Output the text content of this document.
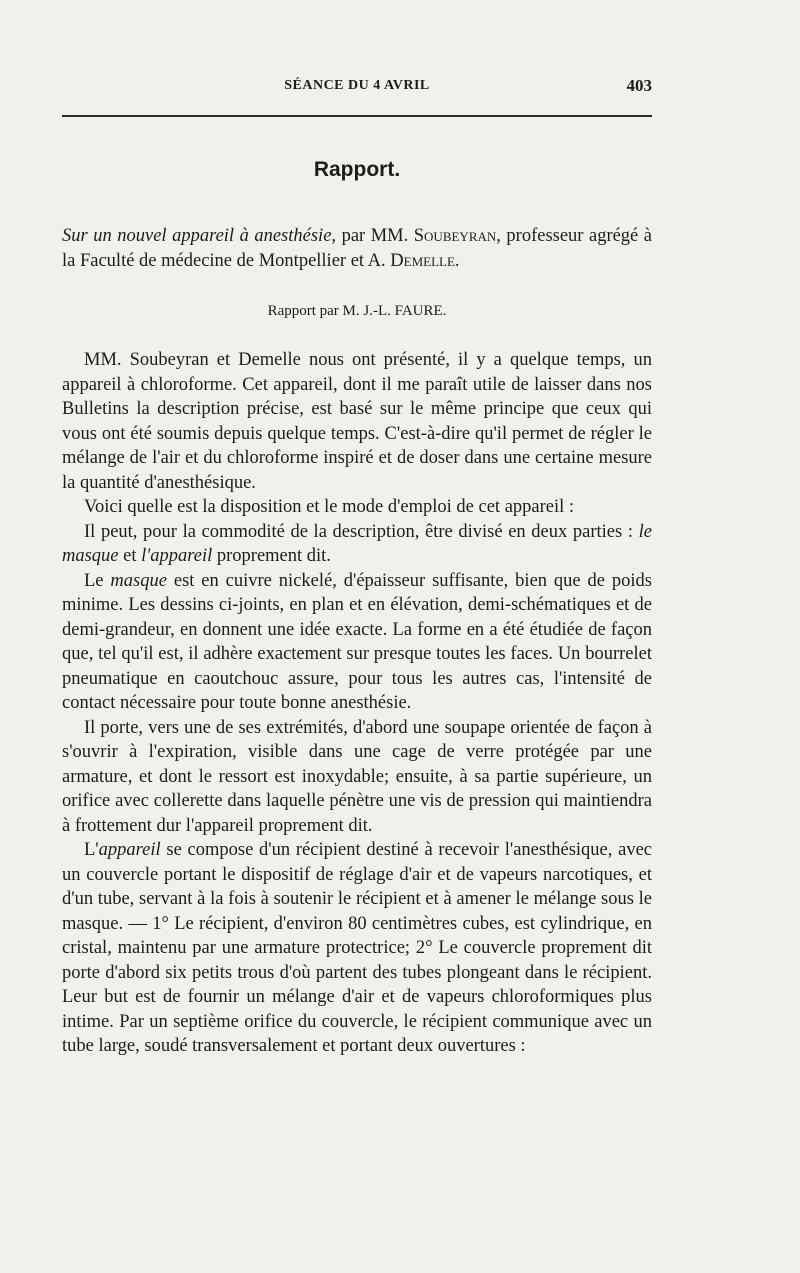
SÉANCE DU 4 AVRIL	403
Rapport.

Sur un nouvel appareil à anesthésie, par MM. Soubeyran, professeur agrégé à la Faculté de médecine de Montpellier et A. Demelle.

Rapport par M. J.-L. FAURE.

MM. Soubeyran et Demelle nous ont présenté, il y a quelque temps, un appareil à chloroforme. Cet appareil, dont il me paraît utile de laisser dans nos Bulletins la description précise, est basé sur le même principe que ceux qui vous ont été soumis depuis quelque temps. C'est-à-dire qu'il permet de régler le mélange de l'air et du chloroforme inspiré et de doser dans une certaine mesure la quantité d'anesthésique.

Voici quelle est la disposition et le mode d'emploi de cet appareil :

Il peut, pour la commodité de la description, être divisé en deux parties : le masque et l'appareil proprement dit.

Le masque est en cuivre nickelé, d'épaisseur suffisante, bien que de poids minime. Les dessins ci-joints, en plan et en élévation, demi-schématiques et de demi-grandeur, en donnent une idée exacte. La forme en a été étudiée de façon que, tel qu'il est, il adhère exactement sur presque toutes les faces. Un bourrelet pneumatique en caoutchouc assure, pour tous les autres cas, l'intensité de contact nécessaire pour toute bonne anesthésie.

Il porte, vers une de ses extrémités, d'abord une soupape orientée de façon à s'ouvrir à l'expiration, visible dans une cage de verre protégée par une armature, et dont le ressort est inoxydable; ensuite, à sa partie supérieure, un orifice avec collerette dans laquelle pénètre une vis de pression qui maintiendra à frottement dur l'appareil proprement dit.

L'appareil se compose d'un récipient destiné à recevoir l'anesthésique, avec un couvercle portant le dispositif de réglage d'air et de vapeurs narcotiques, et d'un tube, servant à la fois à soutenir le récipient et à amener le mélange sous le masque. — 1° Le récipient, d'environ 80 centimètres cubes, est cylindrique, en cristal, maintenu par une armature protectrice; 2° Le couvercle proprement dit porte d'abord six petits trous d'où partent des tubes plongeant dans le récipient. Leur but est de fournir un mélange d'air et de vapeurs chloroformiques plus intime. Par un septième orifice du couvercle, le récipient communique avec un tube large, soudé transversalement et portant deux ouvertures :
